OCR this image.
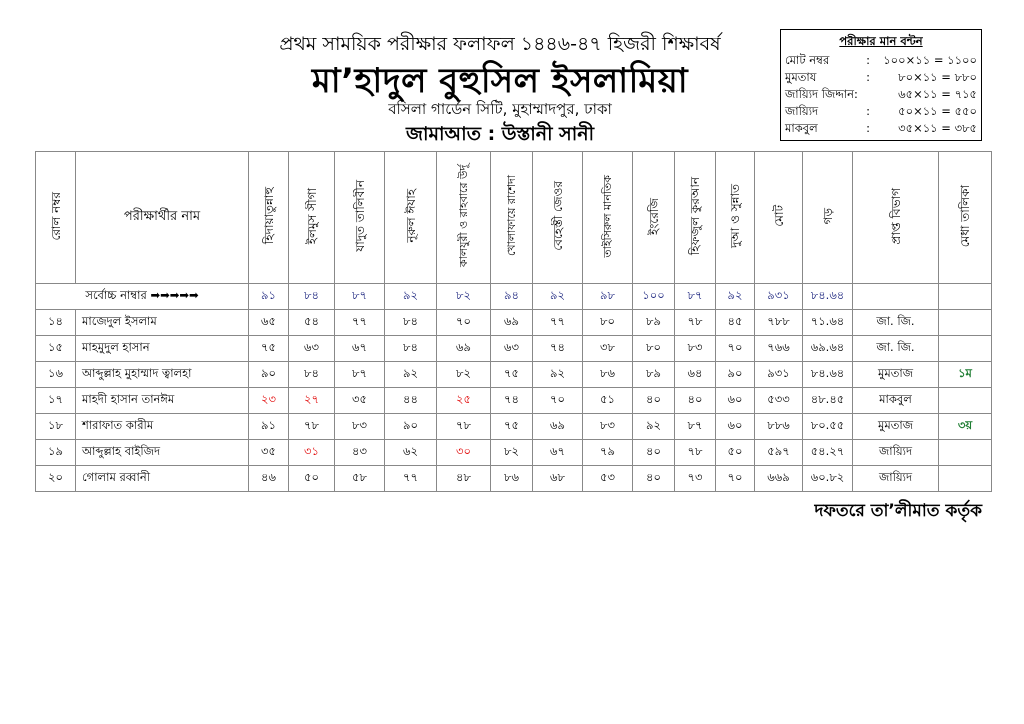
প্রথম সাময়িক পরীক্ষার ফলাফল ১৪৪৬-৪৭ হিজরী শিক্ষাবর্ষ
মা’হাদুল বুহুসিল ইসলামিয়া
বসিলা গার্ডেন সিটি, মুহাম্মাদপুর, ঢাকা
জামাআত : উস্তানী সানী
পরীক্ষার মান বন্টন
মোট নম্বর	:	১০০×১১ = ১১০০
মুমতায	:	৮০×১১ = ৮৮০
জায়্যিদ জিদ্দান:	৬৫×১১ = ৭১৫
জায়্যিদ	:	৫০×১১ = ৫৫০
মাকবুল	:	৩৫×১১ = ৩৮৫
রোল নম্বর	পরীক্ষার্থীর নাম	হিদায়াতুন্নাহু	ইলমুস সীগা	যাদুত তালিবীন	নূরুল ঈযাহ	কালযুরী ও রাহবারে উর্দূ	খোলাফায়ে রাশেদা	বেহেস্তী জেওর	তাইসিরুল মানতিক	ইংরেজি	হিফজুল কুরআন	দুআ ও সুন্নাত	মোট	গড়	প্রাপ্ত বিভাগ	মেধা তালিকা
সর্বোচ্চ নাম্বার ➡➡➡➡➡		৯১	৮৪	৮৭	৯২	৮২	৯৪	৯২	৯৮	১০০	৮৭	৯২	৯৩১	৮৪.৬৪		
১৪	মাজেদুল ইসলাম	৬৫	৫৪	৭৭	৮৪	৭০	৬৯	৭৭	৮০	৮৯	৭৮	৪৫	৭৮৮	৭১.৬৪	জা. জি.	
১৫	মাহমুদুল হাসান	৭৫	৬৩	৬৭	৮৪	৬৯	৬৩	৭৪	৩৮	৮০	৮৩	৭০	৭৬৬	৬৯.৬৪	জা. জি.	
১৬	আব্দুল্লাহ মুহাম্মাদ ত্বালহা	৯০	৮৪	৮৭	৯২	৮২	৭৫	৯২	৮৬	৮৯	৬৪	৯০	৯৩১	৮৪.৬৪	মুমতাজ	১ম
১৭	মাহদী হাসান তানঈম	২৩	২৭	৩৫	৪৪	২৫	৭৪	৭০	৫১	৪০	৪০	৬০	৫৩৩	৪৮.৪৫	মাকবুল	
১৮	শারাফাত কারীম	৯১	৭৮	৮৩	৯০	৭৮	৭৫	৬৯	৮৩	৯২	৮৭	৬০	৮৮৬	৮০.৫৫	মুমতাজ	৩য়
১৯	আব্দুল্লাহ বাইজিদ	৩৫	৩১	৪৩	৬২	৩০	৮২	৬৭	৭৯	৪০	৭৮	৫০	৫৯৭	৫৪.২৭	জায়্যিদ	
২০	গোলাম রব্বানী	৪৬	৫০	৫৮	৭৭	৪৮	৮৬	৬৮	৫৩	৪০	৭৩	৭০	৬৬৯	৬০.৮২	জায়্যিদ	
দফতরে তা’লীমাত কর্তৃক
